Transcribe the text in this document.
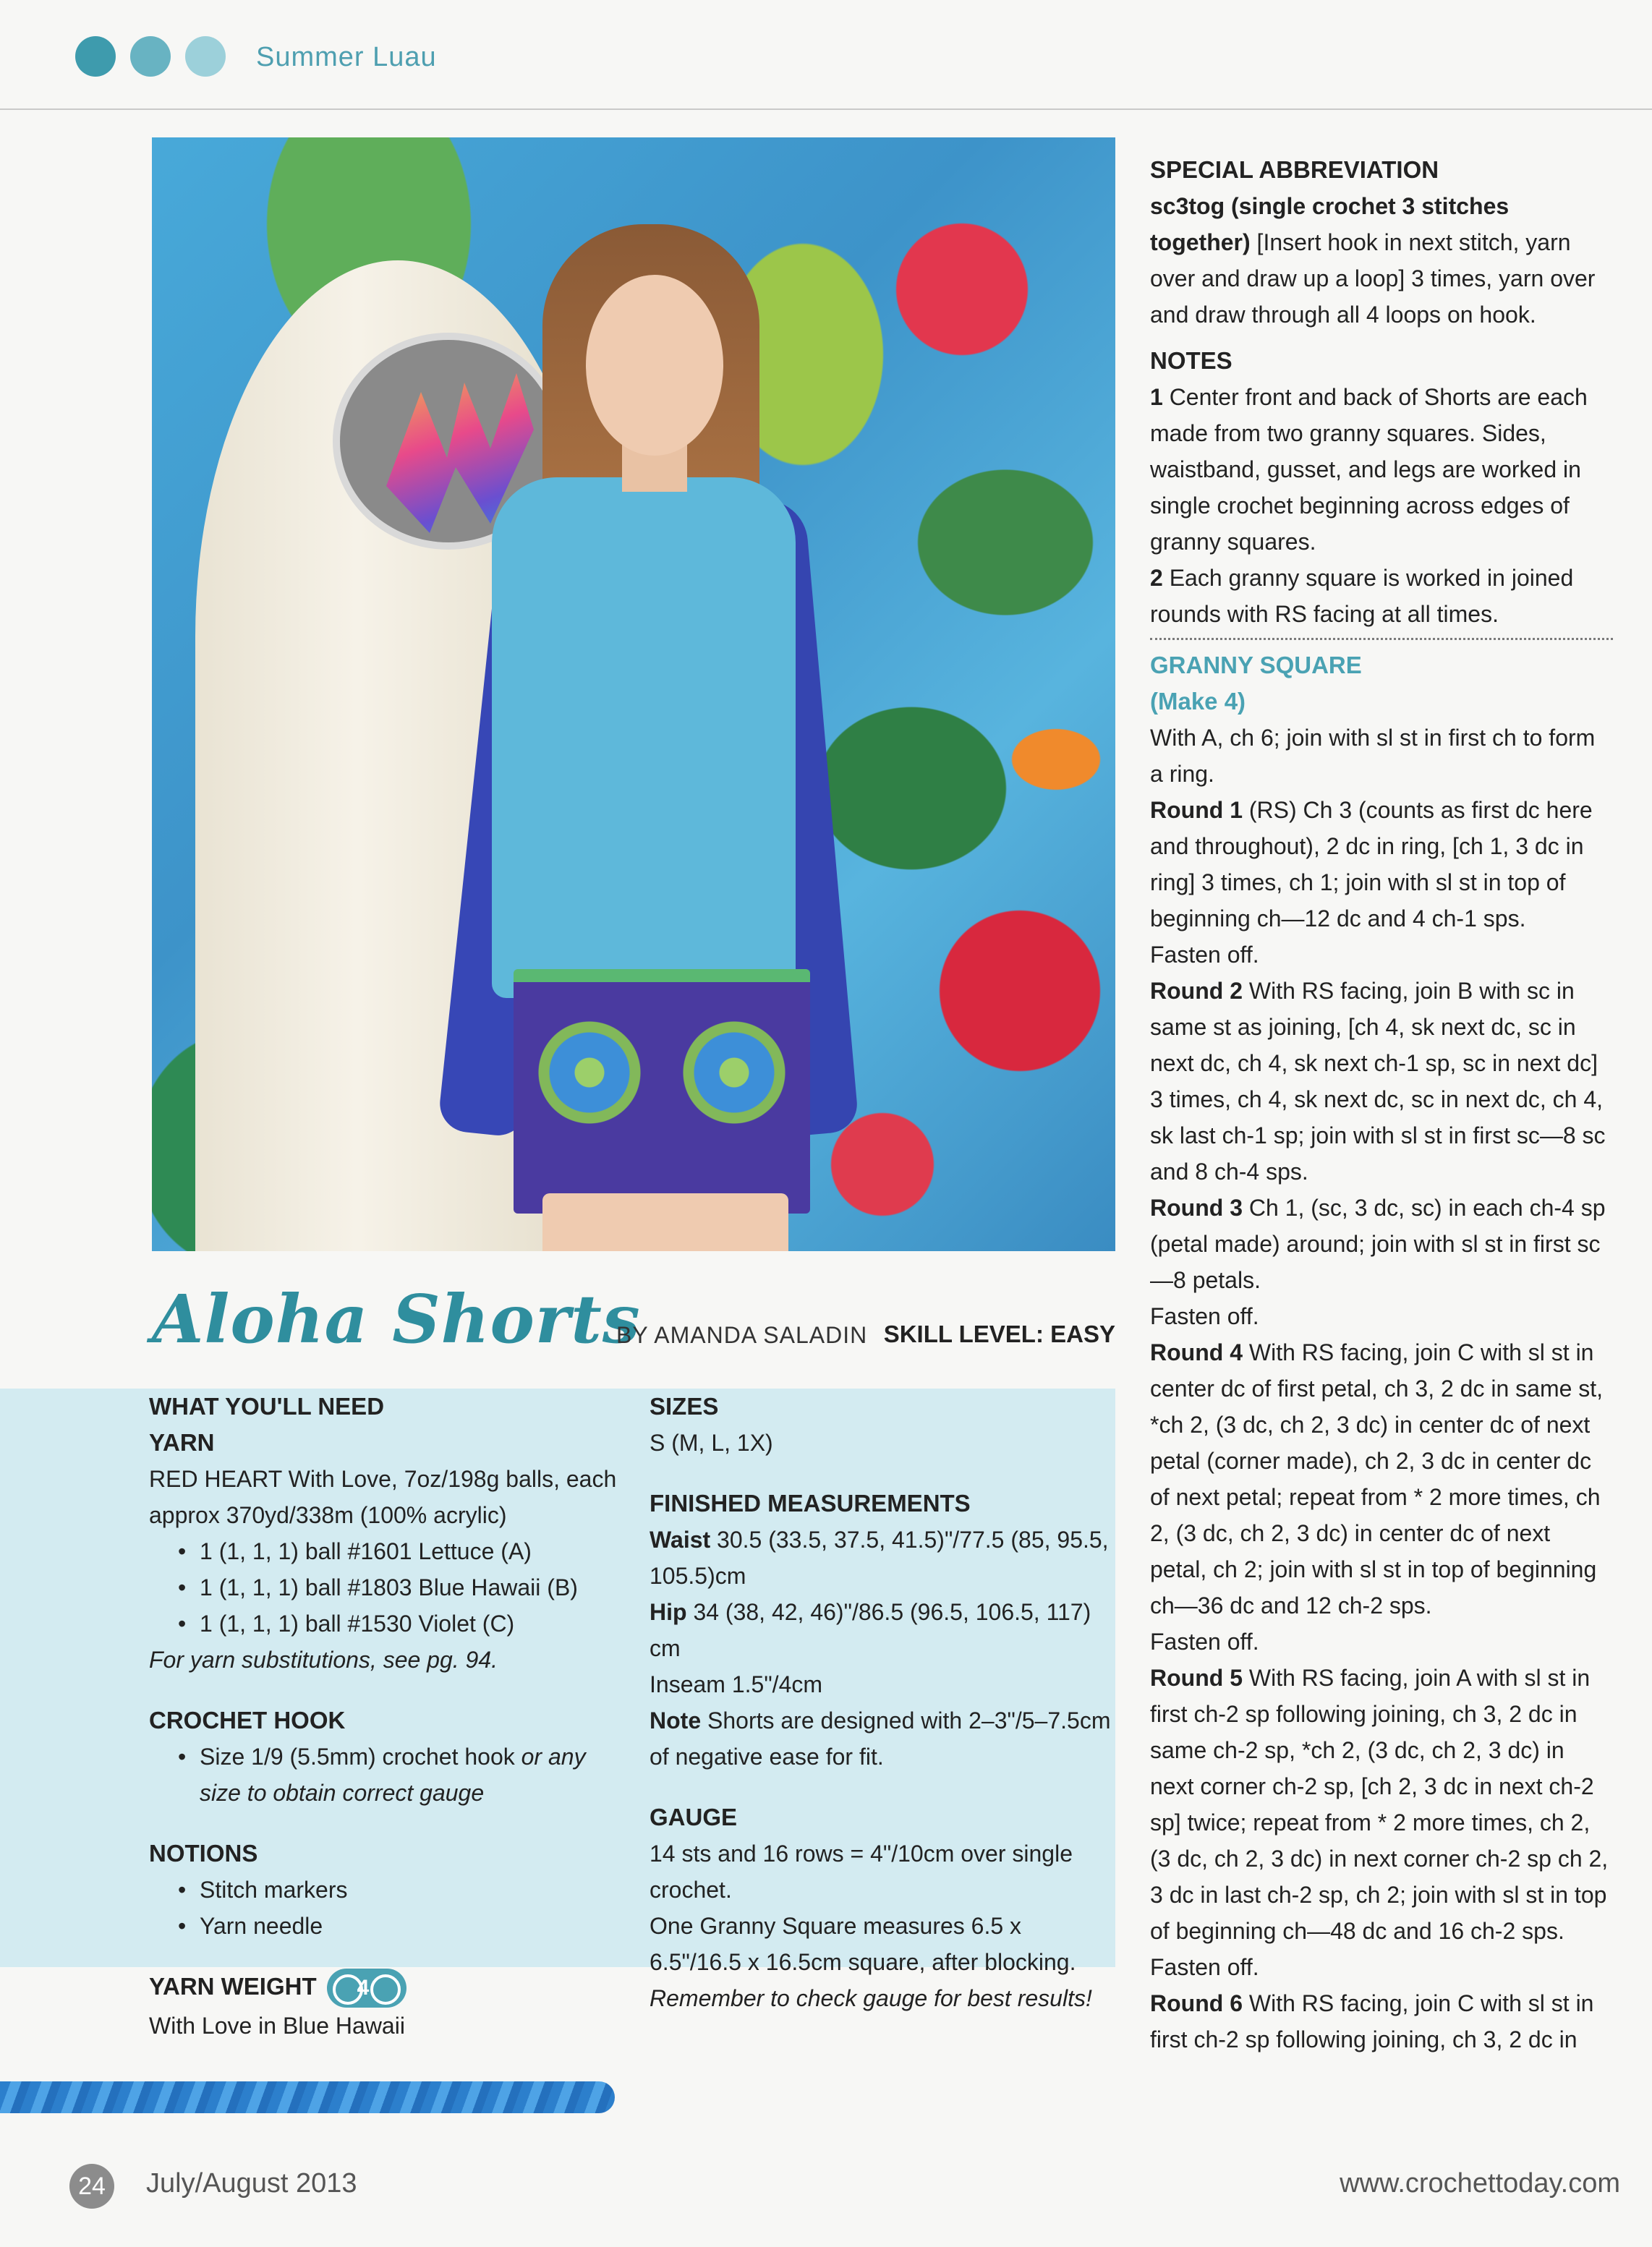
Summer Luau
Aloha Shorts
BY AMANDA SALADIN SKILL LEVEL: EASY

WHAT YOU'LL NEED

YARN

RED HEART With Love, 7oz/198g balls, each approx 370yd/338m (100% acrylic)

• 1 (1, 1, 1) ball #1601 Lettuce (A)

• 1 (1, 1, 1) ball #1803 Blue Hawaii (B)

• 1 (1, 1, 1) ball #1530 Violet (C)

For yarn substitutions, see pg. 94.

CROCHET HOOK

• Size 1/9 (5.5mm) crochet hook or any size to obtain correct gauge

NOTIONS

• Stitch markers

• Yarn needle

YARN WEIGHT 4

With Love in Blue Hawaii

SIZES

S (M, L, 1X)

FINISHED MEASUREMENTS

Waist 30.5 (33.5, 37.5, 41.5)"/77.5 (85, 95.5, 105.5)cm

Hip 34 (38, 42, 46)"/86.5 (96.5, 106.5, 117) cm

Inseam 1.5"/4cm

Note Shorts are designed with 2–3"/5–7.5cm of negative ease for fit.

GAUGE

14 sts and 16 rows = 4"/10cm over single crochet.

One Granny Square measures 6.5 x 6.5"/16.5 x 16.5cm square, after blocking.

Remember to check gauge for best results!

SPECIAL ABBREVIATION

sc3tog (single crochet 3 stitches together) [Insert hook in next stitch, yarn over and draw up a loop] 3 times, yarn over and draw through all 4 loops on hook.

NOTES

1 Center front and back of Shorts are each made from two granny squares. Sides, waistband, gusset, and legs are worked in single crochet beginning across edges of granny squares.

2 Each granny square is worked in joined rounds with RS facing at all times.

GRANNY SQUARE

(Make 4)

With A, ch 6; join with sl st in first ch to form a ring.

Round 1 (RS) Ch 3 (counts as first dc here and throughout), 2 dc in ring, [ch 1, 3 dc in ring] 3 times, ch 1; join with sl st in top of beginning ch—12 dc and 4 ch-1 sps.

Fasten off.

Round 2 With RS facing, join B with sc in same st as joining, [ch 4, sk next dc, sc in next dc, ch 4, sk next ch-1 sp, sc in next dc] 3 times, ch 4, sk next dc, sc in next dc, ch 4, sk last ch-1 sp; join with sl st in first sc—8 sc and 8 ch-4 sps.

Round 3 Ch 1, (sc, 3 dc, sc) in each ch-4 sp (petal made) around; join with sl st in first sc—8 petals.

Fasten off.

Round 4 With RS facing, join C with sl st in center dc of first petal, ch 3, 2 dc in same st, *ch 2, (3 dc, ch 2, 3 dc) in center dc of next petal (corner made), ch 2, 3 dc in center dc of next petal; repeat from * 2 more times, ch 2, (3 dc, ch 2, 3 dc) in center dc of next petal, ch 2; join with sl st in top of beginning ch—36 dc and 12 ch-2 sps.

Fasten off.

Round 5 With RS facing, join A with sl st in first ch-2 sp following joining, ch 3, 2 dc in same ch-2 sp, *ch 2, (3 dc, ch 2, 3 dc) in next corner ch-2 sp, [ch 2, 3 dc in next ch-2 sp] twice; repeat from * 2 more times, ch 2, (3 dc, ch 2, 3 dc) in next corner ch-2 sp ch 2, 3 dc in last ch-2 sp, ch 2; join with sl st in top of beginning ch—48 dc and 16 ch-2 sps.

Fasten off.

Round 6 With RS facing, join C with sl st in first ch-2 sp following joining, ch 3, 2 dc in

24	July/August 2013	www.crochettoday.com
